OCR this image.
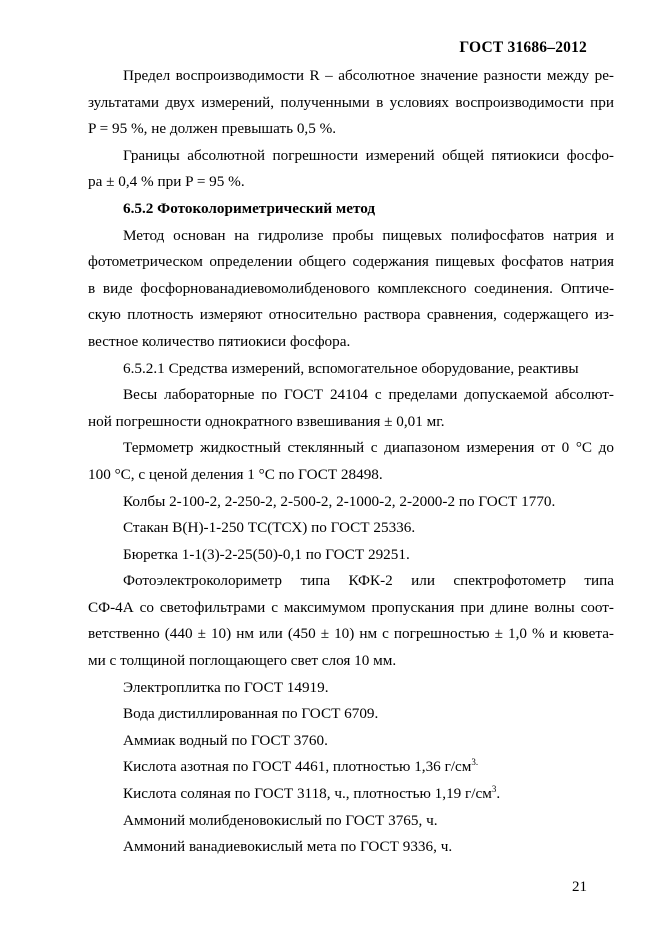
ГОСТ 31686–2012
Предел воспроизводимости R – абсолютное значение разности между ре-
зультатами двух измерений, полученными в условиях воспроизводимости при
P = 95 %, не должен превышать 0,5 %.
Границы абсолютной погрешности измерений общей пятиокиси фосфо-
ра ± 0,4 % при P = 95 %.
6.5.2 Фотоколориметрический метод
Метод основан на гидролизе пробы пищевых полифосфатов натрия и
фотометрическом определении общего содержания пищевых фосфатов натрия
в виде фосфорнованадиевомолибденового комплексного соединения. Оптиче-
скую плотность измеряют относительно раствора сравнения, содержащего из-
вестное количество пятиокиси фосфора.
6.5.2.1 Средства измерений, вспомогательное оборудование, реактивы
Весы лабораторные по ГОСТ 24104 с пределами допускаемой абсолют-
ной погрешности однократного взвешивания ± 0,01 мг.
Термометр жидкостный стеклянный с диапазоном измерения от 0 °С до
100 °С, с ценой деления 1 °С по ГОСТ 28498.
Колбы 2-100-2, 2-250-2, 2-500-2, 2-1000-2, 2-2000-2 по ГОСТ 1770.
Стакан В(Н)-1-250 ТС(ТСХ) по ГОСТ 25336.
Бюретка 1-1(3)-2-25(50)-0,1 по ГОСТ 29251.
Фотоэлектроколориметр типа КФК-2 или спектрофотометр типа
СФ-4А со светофильтрами с максимумом пропускания при длине волны соот-
ветственно (440 ± 10) нм или (450 ± 10) нм с погрешностью ± 1,0 % и кювета-
ми с толщиной поглощающего свет слоя 10 мм.
Электроплитка по ГОСТ 14919.
Вода дистиллированная по ГОСТ 6709.
Аммиак водный по ГОСТ 3760.
Кислота азотная по ГОСТ 4461, плотностью 1,36 $г/см^{3.}$
Кислота соляная по ГОСТ 3118, ч., плотностью 1,19 $г/см^3$.
Аммоний молибденовокислый по ГОСТ 3765, ч.
Аммоний ванадиевокислый мета по ГОСТ 9336, ч.
21
